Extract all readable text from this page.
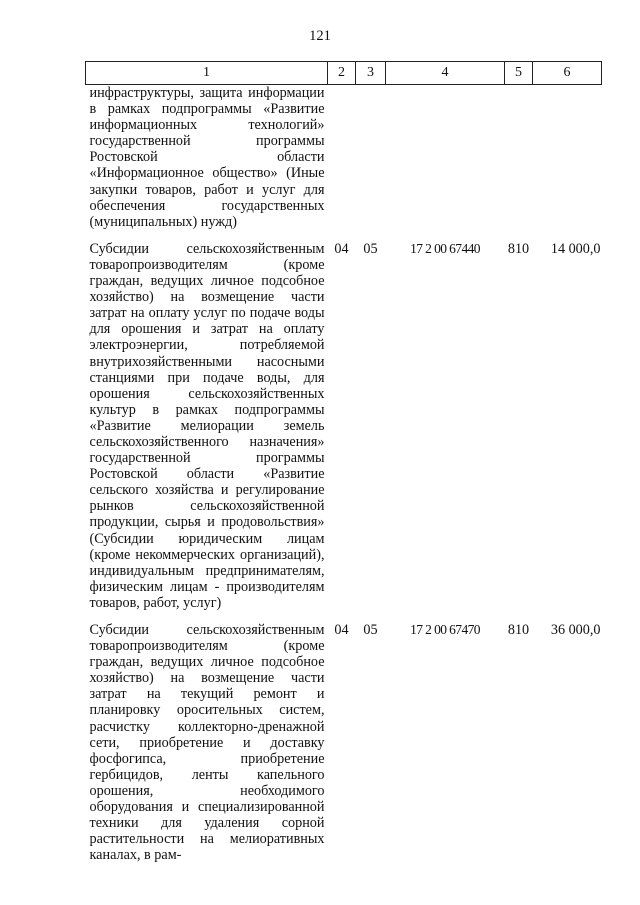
121
1	2	3	4	5	6
инфраструктуры, защита информации в рамках подпрограммы «Развитие информационных технологий» государственной программы Ростовской области «Информационное общество» (Иные закупки товаров, работ и услуг для обеспечения государственных (муниципальных) нужд)					

Субсидии сельскохозяйственным товаропроизводителям (кроме граждан, ведущих личное подсобное хозяйство) на возмещение части затрат на оплату услуг по подаче воды для орошения и затрат на оплату электроэнергии, потребляемой внутрихозяйственными насосными станциями при подаче воды, для орошения сельскохозяйственных культур в рамках подпрограммы «Развитие мелиорации земель сельскохозяйственного назначения» государственной программы Ростовской области «Развитие сельского хозяйства и регулирование рынков сельскохозяйственной продукции, сырья и продовольствия» (Субсидии юридическим лицам (кроме некоммерческих организаций), индивидуальным предпринимателям, физическим лицам - производителям товаров, работ, услуг)	04	05	17 2 00 67440	810	14 000,0

Субсидии сельскохозяйственным товаропроизводителям (кроме граждан, ведущих личное подсобное хозяйство) на возмещение части затрат на текущий ремонт и планировку оросительных систем, расчистку коллекторно-дренажной сети, приобретение и доставку фосфогипса, приобретение гербицидов, ленты капельного орошения, необходимого оборудования и специализированной техники для удаления сорной растительности на мелиоративных каналах, в рам-	04	05	17 2 00 67470	810	36 000,0
